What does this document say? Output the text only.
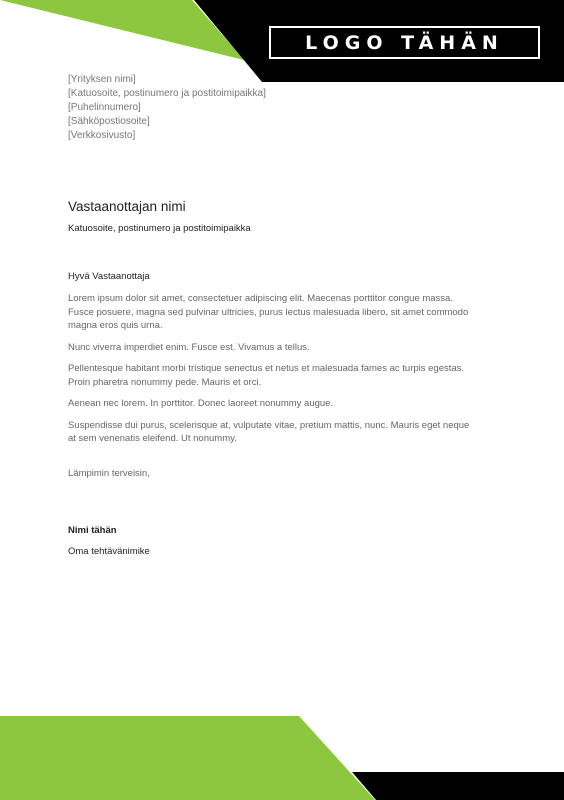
LOGO TÄHÄN
[Yrityksen nimi]
[Katuosoite, postinumero ja postitoimipaikka]
[Puhelinnumero]
[Sähköpostiosoite]
[Verkkosivusto]
Vastaanottajan nimi
Katuosoite, postinumero ja postitoimipaikka
Hyvä Vastaanottaja

Lorem ipsum dolor sit amet, consectetuer adipiscing elit. Maecenas porttitor congue massa. Fusce posuere, magna sed pulvinar ultricies, purus lectus malesuada libero, sit amet commodo magna eros quis urna.

Nunc viverra imperdiet enim. Fusce est. Vivamus a tellus.

Pellentesque habitant morbi tristique senectus et netus et malesuada fames ac turpis egestas. Proin pharetra nonummy pede. Mauris et orci.

Aenean nec lorem. In porttitor. Donec laoreet nonummy augue.

Suspendisse dui purus, scelerisque at, vulputate vitae, pretium mattis, nunc. Mauris eget neque at sem venenatis eleifend. Ut nonummy.

Lämpimin terveisin,
Nimi tähän
Oma tehtävänimike
